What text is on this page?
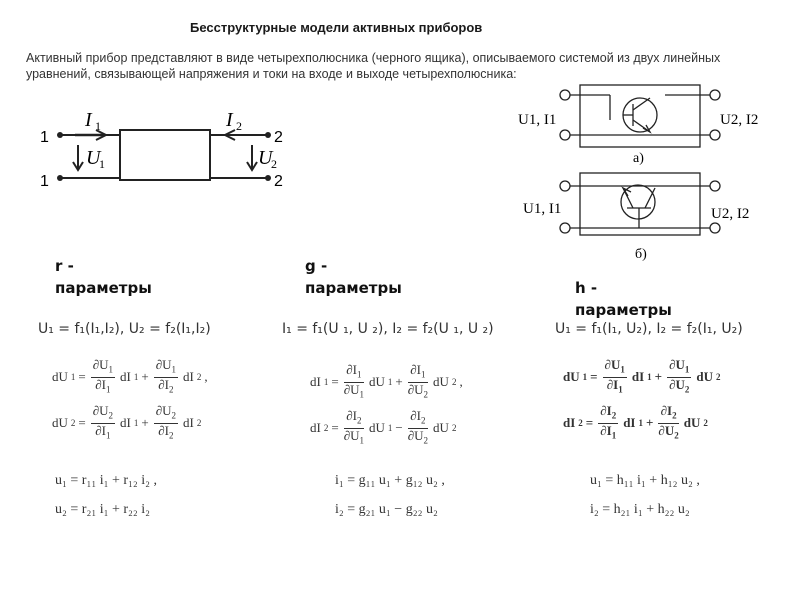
Бесструктурные модели активных приборов
Активный прибор представляют в виде четырехполюсника (черного ящика), описываемого системой из двух линейных уравнений, связывающей напряжения и токи на входе и выходе четырехполюсника:
1
1
2
2
I 1	I 2
U
1	U
2
U1, I1	U2, I2
а)
U1, I1	U2, I2
б)
r -
параметры
g -
параметры	h -
параметры
U₁ = f₁(I₁,I₂), U₂ = f₂(I₁,I₂)	I₁ = f₁(U ₁, U ₂), I₂ = f₂(U ₁, U ₂)	U₁ = f₁(I₁, U₂), I₂ = f₂(I₁, U₂)
dU $1 = \frac{\partial U_1}{\partial I_1}$ dI $1 + \frac{\partial U_1}{\partial I_2}$ dI 2 ,
dU $2 = \frac{\partial U_2}{\partial I_1}$ dI $1 + \frac{\partial U_2}{\partial I_2}$ dI 2
dI $1 = \frac{\partial I_1}{\partial U_1}$ dU $1 + \frac{\partial I_1}{\partial U_2}$ dU 2 ,
dI $2 = \frac{\partial I_2}{\partial U_1}$ dU $1 - \frac{\partial I_2}{\partial U_2}$ dU 2
dU $1 = \frac{\partial U_1}{\partial I_1}$ dI $1 + \frac{\partial U_1}{\partial U_2}$ dU 2
dI $2 = \frac{\partial I_2}{\partial I_1}$ dI $1 + \frac{\partial I_2}{\partial U_2}$ dU 2
u₁ = r₁₁ i₁ + r₁₂ i₂ ,
u₂ = r₂₁ i₁ + r₂₂ i₂
i₁ = g₁₁ u₁ + g₁₂ u₂ ,
i₂ = g₂₁ u₁ − g₂₂ u₂
u₁ = h₁₁ i₁ + h₁₂ u₂ ,
i₂ = h₂₁ i₁ + h₂₂ u₂
